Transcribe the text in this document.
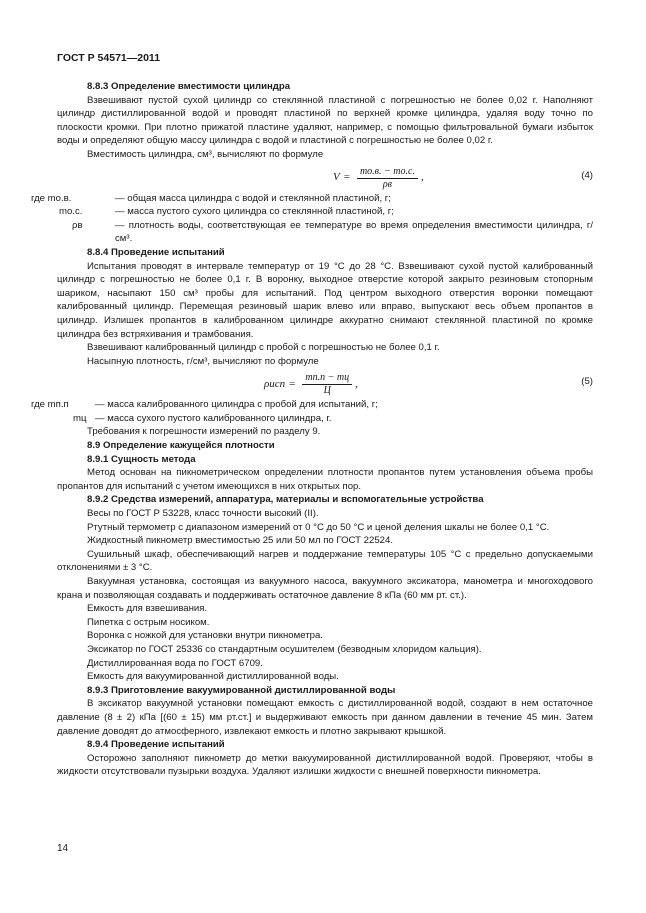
ГОСТ Р 54571—2011

8.8.3 Определение вместимости цилиндра

Взвешивают пустой сухой цилиндр со стеклянной пластиной с погрешностью не более 0,02 г. Наполняют цилиндр дистиллированной водой и проводят пластиной по верхней кромке цилиндра, удаляя воду точно по плоскости кромки. При плотно прижатой пластине удаляют, например, с помощью фильтровальной бумаги избыток воды и определяют общую массу цилиндра с водой и пластиной с погрешностью не более 0,02 г.

Вместимость цилиндра, см³, вычисляют по формуле

$V = \frac{mо.в. - mо.с.}{\rho в}$ ,	(4)
где mо.в.	— общая масса цилиндра с водой и стеклянной пластиной, г;
mо.с.	— масса пустого сухого цилиндра со стеклянной пластиной, г;
ρв	— плотность воды, соответствующая ее температуре во время определения вместимости цилиндра, г/см³.

8.8.4 Проведение испытаний

Испытания проводят в интервале температур от 19 °C до 28 °C. Взвешивают сухой пустой калиброванный цилиндр с погрешностью не более 0,1 г. В воронку, выходное отверстие которой закрыто резиновым стопорным шариком, насыпают 150 см³ пробы для испытаний. Под центром выходного отверстия воронки помещают калиброванный цилиндр. Перемещая резиновый шарик влево или вправо, выпускают весь объем пропантов в цилиндр. Излишек пропантов в калиброванном цилиндре аккуратно снимают стеклянной пластиной по кромке цилиндра без встряхивания и трамбования.

Взвешивают калиброванный цилиндр с пробой с погрешностью не более 0,1 г.

Насыпную плотность, г/см³, вычисляют по формуле

$\rho исп = \frac{mп.п - mц}{Ц}$ ,	(5)
где mп.п	— масса калиброванного цилиндра с пробой для испытаний, г;
mц — масса сухого пустого калиброванного цилиндра, г.

Требования к погрешности измерений по разделу 9.

8.9 Определение кажущейся плотности

8.9.1 Сущность метода

Метод основан на пикнометрическом определении плотности пропантов путем установления объема пробы пропантов для испытаний с учетом имеющихся в них открытых пор.

8.9.2 Средства измерений, аппаратура, материалы и вспомогательные устройства

Весы по ГОСТ Р 53228, класс точности высокий (II).

Ртутный термометр с диапазоном измерений от 0 °C до 50 °C и ценой деления шкалы не более 0,1 °C.

Жидкостный пикнометр вместимостью 25 или 50 мл по ГОСТ 22524.

Сушильный шкаф, обеспечивающий нагрев и поддержание температуры 105 °C с предельно допускаемыми отклонениями ± 3 °C.

Вакуумная установка, состоящая из вакуумного насоса, вакуумного эксикатора, манометра и многоходового крана и позволяющая создавать и поддерживать остаточное давление 8 кПа (60 мм рт. ст.).

Емкость для взвешивания.

Пипетка с острым носиком.

Воронка с ножкой для установки внутри пикнометра.

Эксикатор по ГОСТ 25336 со стандартным осушителем (безводным хлоридом кальция).

Дистиллированная вода по ГОСТ 6709.

Емкость для вакуумированной дистиллированной воды.

8.9.3 Приготовление вакуумированной дистиллированной воды

В эксикатор вакуумной установки помещают емкость с дистиллированной водой, создают в нем остаточное давление (8 ± 2) кПа [(60 ± 15) мм рт.ст.] и выдерживают емкость при данном давлении в течение 45 мин. Затем давление доводят до атмосферного, извлекают емкость и плотно закрывают крышкой.

8.9.4 Проведение испытаний

Осторожно заполняют пикнометр до метки вакуумированной дистиллированной водой. Проверяют, чтобы в жидкости отсутствовали пузырьки воздуха. Удаляют излишки жидкости с внешней поверхности пикнометра.

14
